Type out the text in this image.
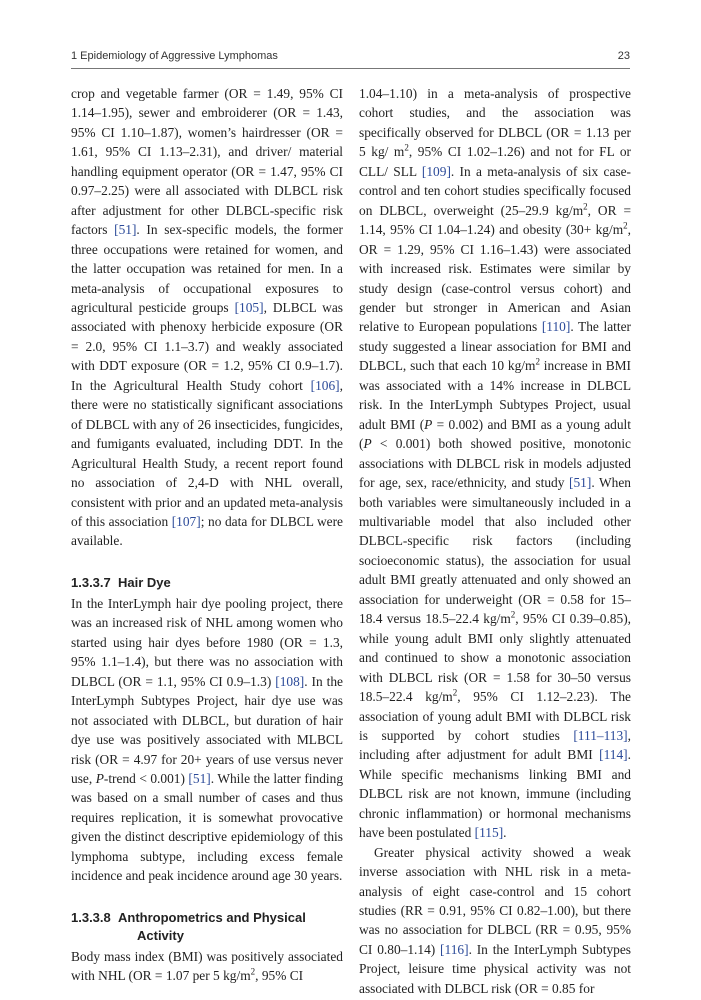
1 Epidemiology of Aggressive Lymphomas	23

crop and vegetable farmer (OR = 1.49, 95% CI 1.14–1.95), sewer and embroiderer (OR = 1.43, 95% CI 1.10–1.87), women’s hairdresser (OR = 1.61, 95% CI 1.13–2.31), and driver/ material handling equipment operator (OR = 1.47, 95% CI 0.97–2.25) were all associated with DLBCL risk after adjustment for other DLBCL-specific risk factors [51]. In sex-specific models, the former three occupations were retained for women, and the latter occupation was retained for men. In a meta-analysis of occupational exposures to agricultural pesticide groups [105], DLBCL was associated with phenoxy herbicide exposure (OR = 2.0, 95% CI 1.1–3.7) and weakly associated with DDT exposure (OR = 1.2, 95% CI 0.9–1.7). In the Agricultural Health Study cohort [106], there were no statistically significant associations of DLBCL with any of 26 insecticides, fungicides, and fumigants evaluated, including DDT. In the Agricultural Health Study, a recent report found no association of 2,4-D with NHL overall, consistent with prior and an updated meta-analysis of this association [107]; no data for DLBCL were available.

1.3.3.7 Hair Dye

In the InterLymph hair dye pooling project, there was an increased risk of NHL among women who started using hair dyes before 1980 (OR = 1.3, 95% 1.1–1.4), but there was no association with DLBCL (OR = 1.1, 95% CI 0.9–1.3) [108]. In the InterLymph Subtypes Project, hair dye use was not associated with DLBCL, but duration of hair dye use was positively associated with MLBCL risk (OR = 4.97 for 20+ years of use versus never use, P-trend < 0.001) [51]. While the latter finding was based on a small number of cases and thus requires replication, it is somewhat provocative given the distinct descriptive epidemiology of this lymphoma subtype, including excess female incidence and peak incidence around age 30 years.

1.3.3.8 Anthropometrics and Physical
Activity

Body mass index (BMI) was positively associated with NHL (OR = 1.07 per 5 $kg/m^2$, 95% CI

1.04–1.10) in a meta-analysis of prospective cohort studies, and the association was specifically observed for DLBCL (OR = 1.13 per 5 kg/ $m^2$, 95% CI 1.02–1.26) and not for FL or CLL/ SLL [109]. In a meta-analysis of six case-control and ten cohort studies specifically focused on DLBCL, overweight (25–29.9 $kg/m^2$, OR = 1.14, 95% CI 1.04–1.24) and obesity ($30+ kg/m^2$, OR = 1.29, 95% CI 1.16–1.43) were associated with increased risk. Estimates were similar by study design (case-control versus cohort) and gender but stronger in American and Asian relative to European populations [110]. The latter study suggested a linear association for BMI and DLBCL, such that each 10 $kg/m^2$ increase in BMI was associated with a 14% increase in DLBCL risk. In the InterLymph Subtypes Project, usual adult BMI (P = 0.002) and BMI as a young adult (P < 0.001) both showed positive, monotonic associations with DLBCL risk in models adjusted for age, sex, race/ethnicity, and study [51]. When both variables were simultaneously included in a multivariable model that also included other DLBCL-specific risk factors (including socioeconomic status), the association for usual adult BMI greatly attenuated and only showed an association for underweight (OR = 0.58 for 15–18.4 versus 18.5–22.4 $kg/m^2$, 95% CI 0.39–0.85), while young adult BMI only slightly attenuated and continued to show a monotonic association with DLBCL risk (OR = 1.58 for 30–50 versus 18.5–22.4 $kg/m^2$, 95% CI 1.12–2.23). The association of young adult BMI with DLBCL risk is supported by cohort studies [111–113], including after adjustment for adult BMI [114]. While specific mechanisms linking BMI and DLBCL risk are not known, immune (including chronic inflammation) or hormonal mechanisms have been postulated [115].

Greater physical activity showed a weak inverse association with NHL risk in a meta-analysis of eight case-control and 15 cohort studies (RR = 0.91, 95% CI 0.82–1.00), but there was no association for DLBCL (RR = 0.95, 95% CI 0.80–1.14) [116]. In the InterLymph Subtypes Project, leisure time physical activity was not associated with DLBCL risk (OR = 0.85 for
